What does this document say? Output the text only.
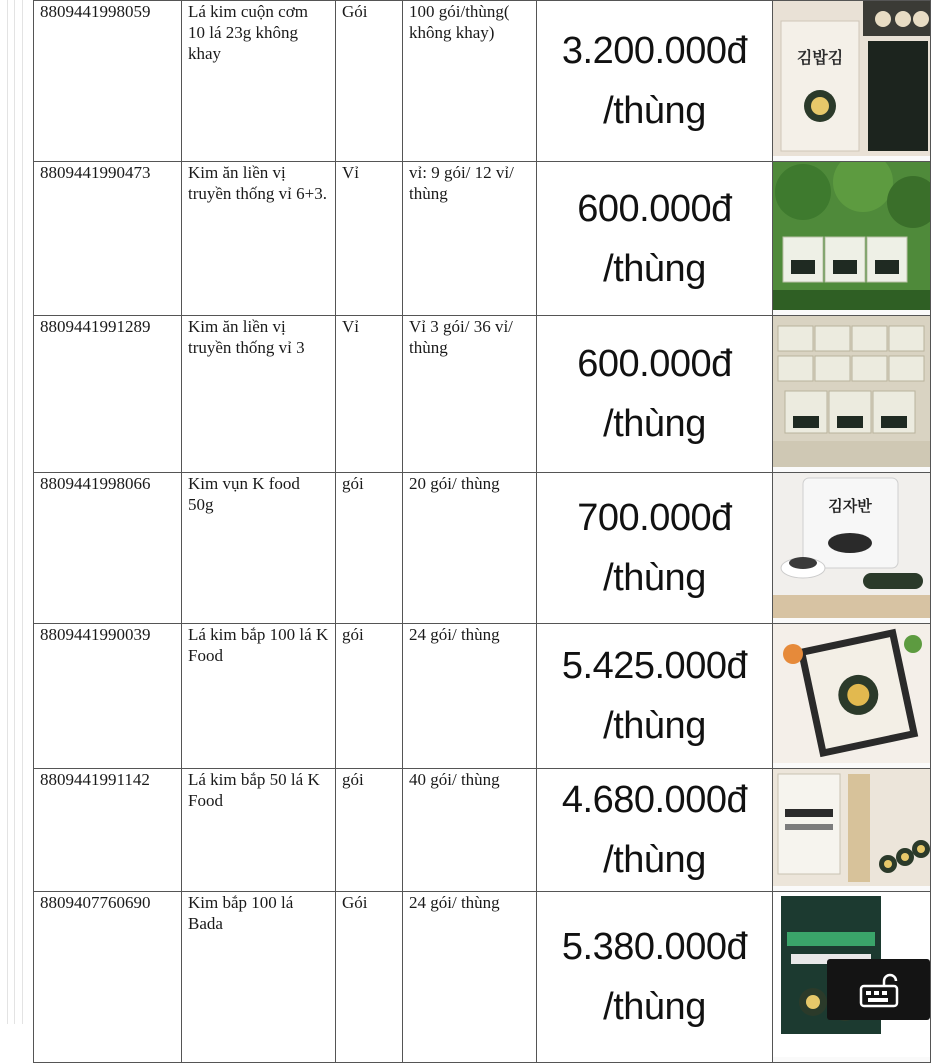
8809441998059	Lá kim cuộn cơm 10 lá 23g không khay	Gói	100 gói/thùng( không khay)	3.200.000đ
/thùng	김밥김

8809441990473	Kim ăn liền vị truyền thống vỉ 6+3.	Vỉ	vỉ: 9 gói/ 12 vỉ/ thùng	600.000đ
/thùng

8809441991289	Kim ăn liền vị truyền thống vỉ 3	Vỉ	Vỉ 3 gói/ 36 vỉ/ thùng	600.000đ
/thùng

8809441998066	Kim vụn K food 50g	gói	20 gói/ thùng	700.000đ
/thùng	김자반

8809441990039	Lá kim bắp 100 lá K Food	gói	24 gói/ thùng	5.425.000đ
/thùng

8809441991142	Lá kim bắp 50 lá K Food	gói	40 gói/ thùng	4.680.000đ
/thùng

8809407760690	Kim bắp 100 lá Bada	Gói	24 gói/ thùng	5.380.000đ
/thùng
